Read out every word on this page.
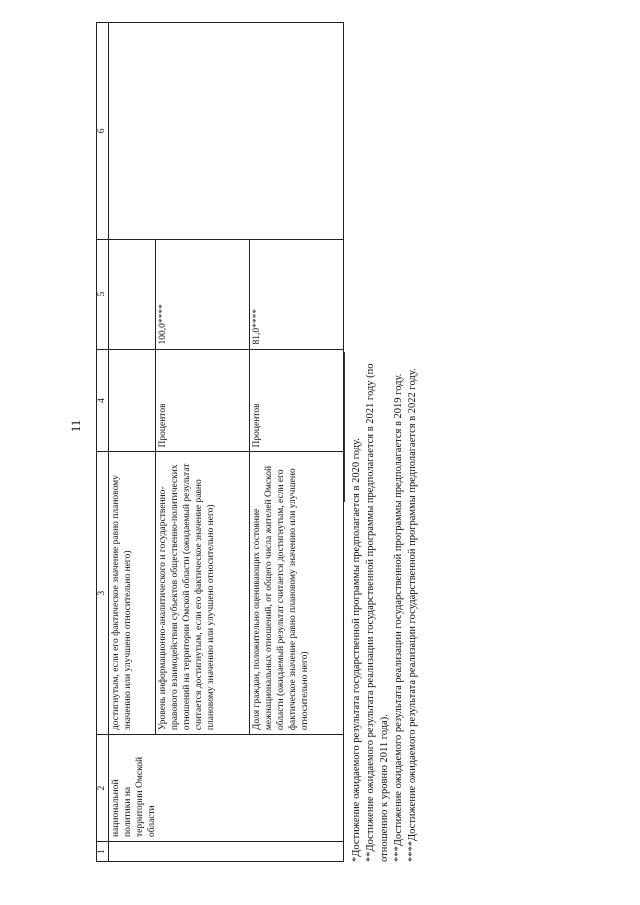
11
1	2	3	4	5	6
	национальной политики на территории Омской области	достигнутым, если его фактическое значение равно плановому значению или улучшено относительно него)			
		Уровень информационно-аналитического и государственно-правового взаимодействия субъектов общественно-политических отношений на территории Омской области (ожидаемый результат считается достигнутым, если его фактическое значение равно плановому значению или улучшено относительно него)	Процентов	100,0****	
		Доля граждан, положительно оценивающих состояние межнациональных отношений, от общего числа жителей Омской области (ожидаемый результат считается достигнутым, если его фактическое значение равно плановому значению или улучшено относительно него)	Процентов	81,0****	

*Достижение ожидаемого результата государственной программы предполагается в 2020 году. **Достижение ожидаемого результата реализации государственной программы предполагается в 2021 году (по отношению к уровню 2011 года). ***Достижение ожидаемого результата реализации государственной программы предполагается в 2019 году. ****Достижение ожидаемого результата реализации государственной программы предполагается в 2022 году.
